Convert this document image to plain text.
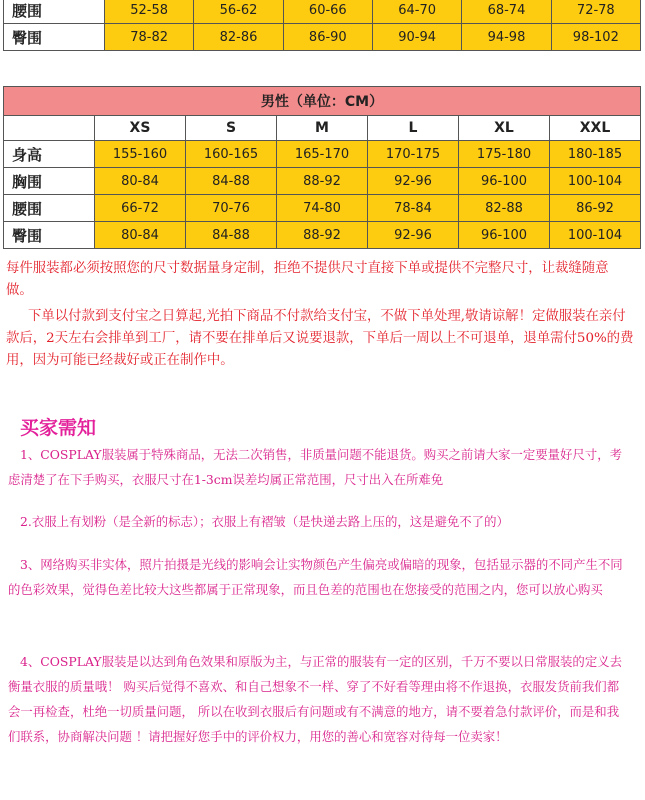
腰围	52-58	56-62	60-66	64-70	68-74	72-78
臀围	78-82	82-86	86-90	90-94	94-98	98-102
男性（单位：CM）						
	XS	S	M	L	XL	XXL
身高	155-160	160-165	165-170	170-175	175-180	180-185
胸围	80-84	84-88	88-92	92-96	96-100	100-104
腰围	66-72	70-76	74-80	78-84	82-88	86-92
臀围	80-84	84-88	88-92	92-96	96-100	100-104
每件服装都必须按照您的尺寸数据量身定制，拒绝不提供尺寸直接下单或提供不完整尺寸，让裁缝随意做。
下单以付款到支付宝之日算起,光拍下商品不付款给支付宝，不做下单处理,敬请谅解！定做服装在亲付款后，2天左右会排单到工厂，请不要在排单后又说要退款，下单后一周以上不可退单，退单需付50%的费用，因为可能已经裁好或正在制作中。
买家需知
1、COSPLAY服装属于特殊商品，无法二次销售，非质量问题不能退货。购买之前请大家一定要量好尺寸，考虑清楚了在下手购买，衣服尺寸在1-3cm误差均属正常范围，尺寸出入在所难免
2.衣服上有划粉（是全新的标志）；衣服上有褶皱（是快递去路上压的，这是避免不了的）
3、网络购买非实体，照片拍摄是光线的影响会让实物颜色产生偏亮或偏暗的现象，包括显示器的不同产生不同的色彩效果，觉得色差比较大这些都属于正常现象，而且色差的范围也在您接受的范围之内，您可以放心购买
4、COSPLAY服装是以达到角色效果和原版为主，与正常的服装有一定的区别，千万不要以日常服装的定义去衡量衣服的质量哦！ 购买后觉得不喜欢、和自己想象不一样、穿了不好看等理由将不作退换，衣服发货前我们都会一再检查，杜绝一切质量问题， 所以在收到衣服后有问题或有不满意的地方，请不要着急付款评价，而是和我们联系，协商解决问题 ！请把握好您手中的评价权力，用您的善心和宽容对待每一位卖家！
